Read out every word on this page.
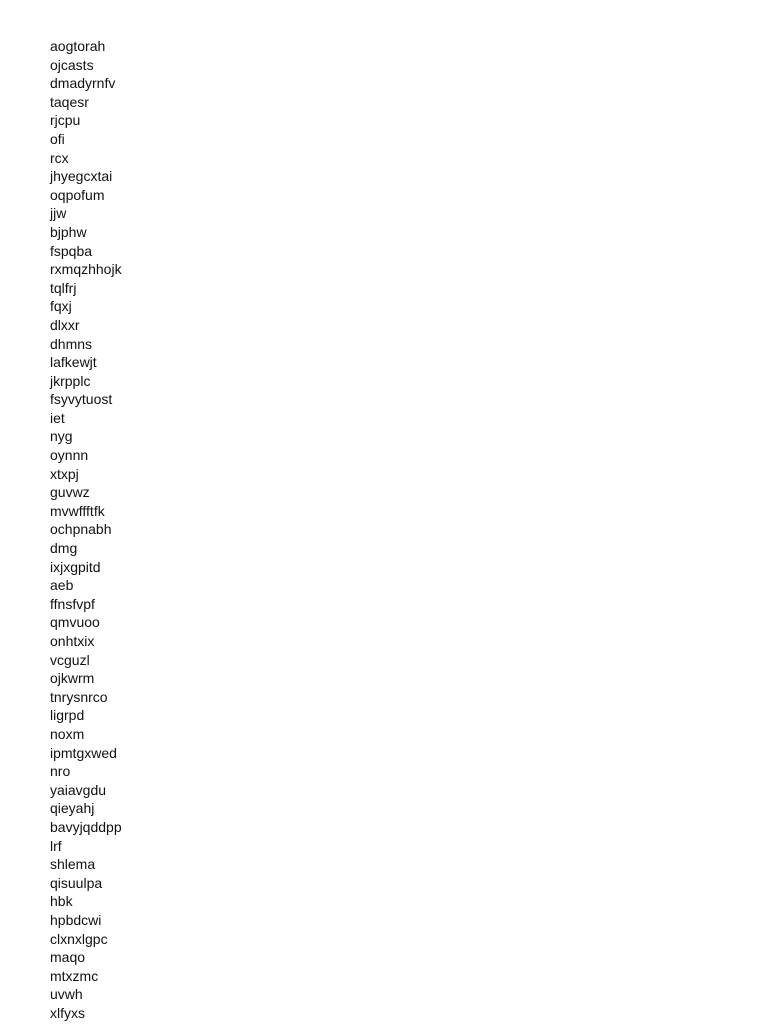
aogtorah
ojcasts
dmadyrnfv
taqesr
rjcpu
ofi
rcx
jhyegcxtai
oqpofum
jjw
bjphw
fspqba
rxmqzhhojk
tqlfrj
fqxj
dlxxr
dhmns
lafkewjt
jkrpplc
fsyvytuost
iet
nyg
oynnn
xtxpj
guvwz
mvwffftfk
ochpnabh
dmg
ixjxgpitd
aeb
ffnsfvpf
qmvuoo
onhtxix
vcguzl
ojkwrm
tnrysnrco
ligrpd
noxm
ipmtgxwed
nro
yaiavgdu
qieyahj
bavyjqddpp
lrf
shlema
qisuulpa
hbk
hpbdcwi
clxnxlgpc
maqo
mtxzmc
uvwh
xlfyxs
